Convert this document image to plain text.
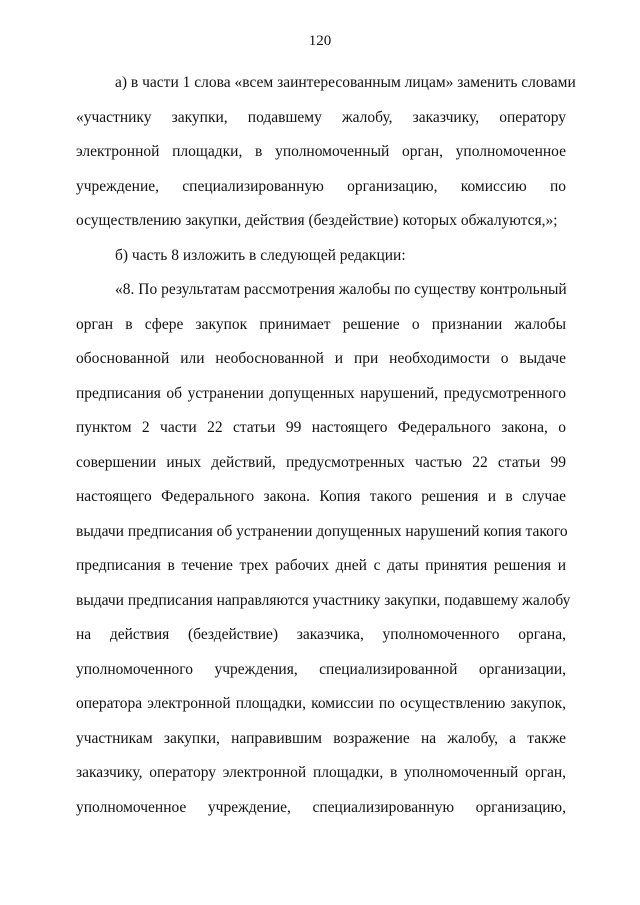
120
а) в части 1 слова «всем заинтересованным лицам» заменить словами
«участнику закупки, подавшему жалобу, заказчику, оператору
электронной площадки, в уполномоченный орган, уполномоченное
учреждение, специализированную организацию, комиссию по
осуществлению закупки, действия (бездействие) которых обжалуются,»;
б) часть 8 изложить в следующей редакции:
«8. По результатам рассмотрения жалобы по существу контрольный
орган в сфере закупок принимает решение о признании жалобы
обоснованной или необоснованной и при необходимости о выдаче
предписания об устранении допущенных нарушений, предусмотренного
пунктом 2 части 22 статьи 99 настоящего Федерального закона, о
совершении иных действий, предусмотренных частью 22 статьи 99
настоящего Федерального закона. Копия такого решения и в случае
выдачи предписания об устранении допущенных нарушений копия такого
предписания в течение трех рабочих дней с даты принятия решения и
выдачи предписания направляются участнику закупки, подавшему жалобу
на действия (бездействие) заказчика, уполномоченного органа,
уполномоченного учреждения, специализированной организации,
оператора электронной площадки, комиссии по осуществлению закупок,
участникам закупки, направившим возражение на жалобу, а также
заказчику, оператору электронной площадки, в уполномоченный орган,
уполномоченное учреждение, специализированную организацию,
